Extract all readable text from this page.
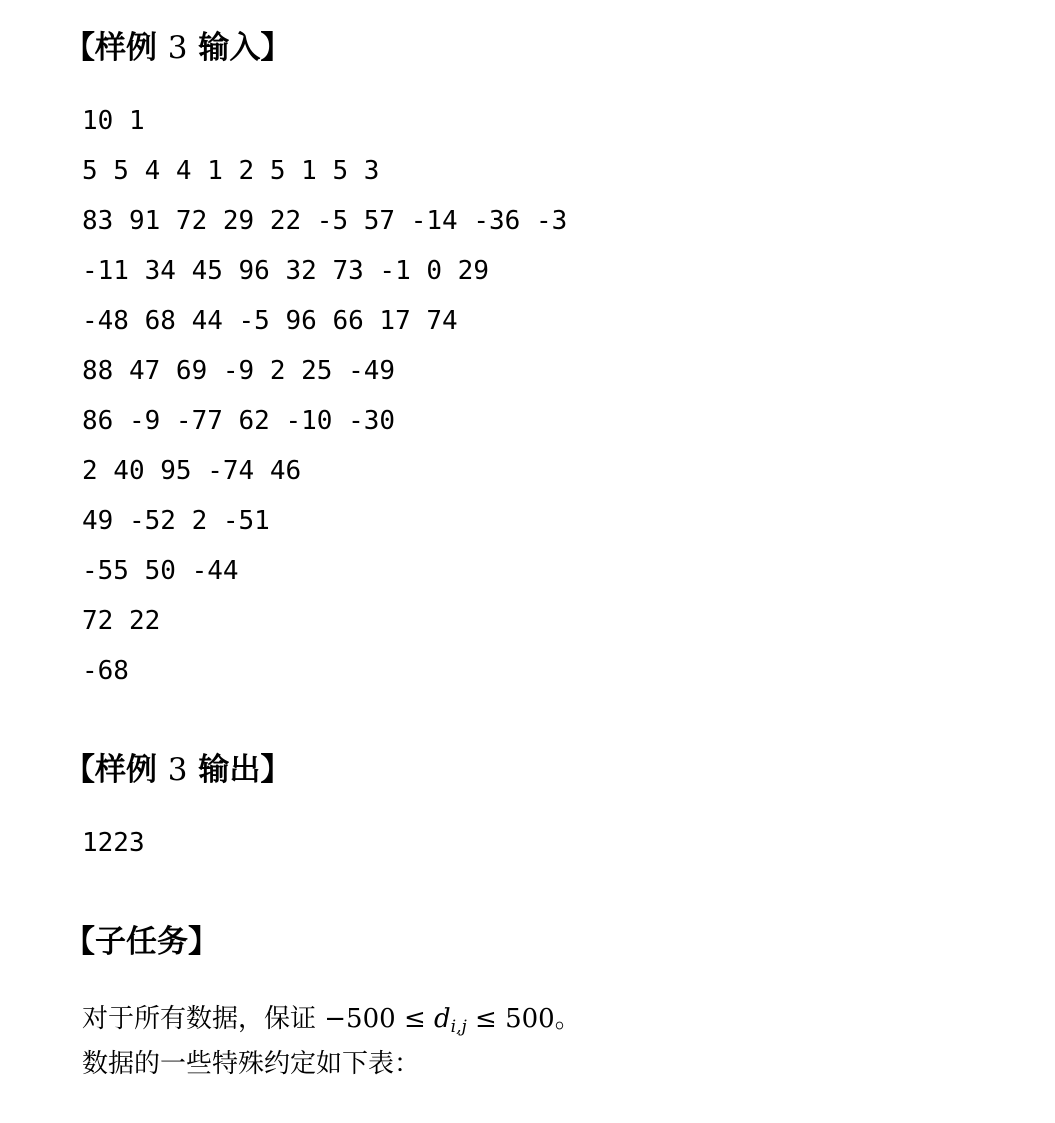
【样例 3 输入】
10 1
5 5 4 4 1 2 5 1 5 3
83 91 72 29 22 -5 57 -14 -36 -3
-11 34 45 96 32 73 -1 0 29
-48 68 44 -5 96 66 17 74
88 47 69 -9 2 25 -49
86 -9 -77 62 -10 -30
2 40 95 -74 46
49 -52 2 -51
-55 50 -44
72 22
-68
【样例 3 输出】
1223
【子任务】
对于所有数据，保证 $-500 \le d_{i,j} \le 500$。
数据的一些特殊约定如下表：
